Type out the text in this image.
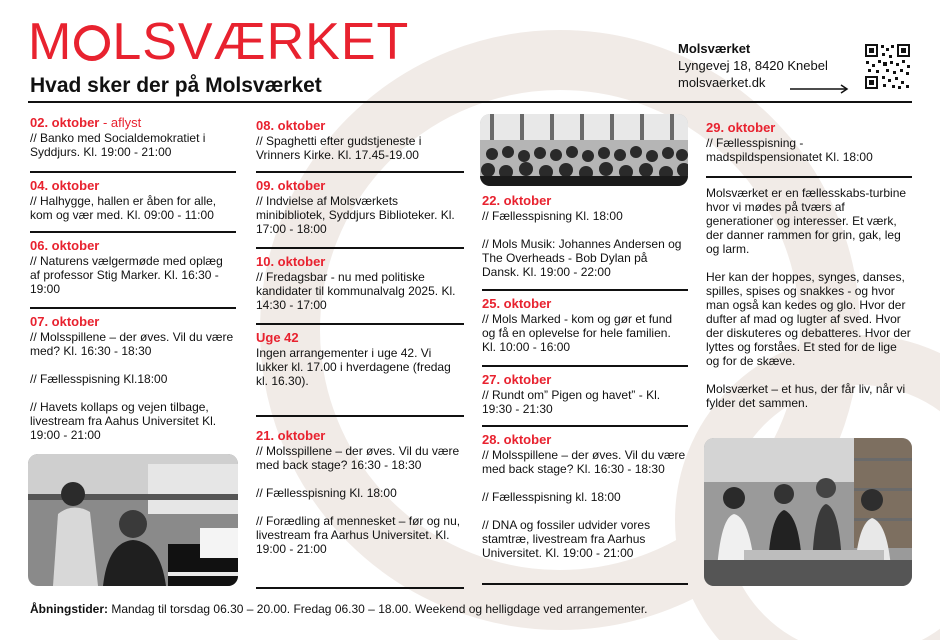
M LSVÆRKET
Hvad sker der på Molsværket
Molsværket
Lyngevej 18, 8420 Knebel
molsvaerket.dk
02. oktober - aflyst

// Banko med Socialdemokratiet i Syddjurs. Kl. 19:00 - 21:00

04. oktober

// Halhygge, hallen er åben for alle, kom og vær med. Kl. 09:00 - 11:00

06. oktober

// Naturens vælgermøde med oplæg af professor Stig Marker. Kl. 16:30 - 19:00

07. oktober

// Molsspillene – der øves. Vil du være med? Kl. 16:30 - 18:30

// Fællesspisning Kl.18:00

// Havets kollaps og vejen tilbage, livestream fra Aahus Universitet Kl. 19:00 - 21:00

08. oktober

// Spaghetti efter gudstjeneste i Vrinners Kirke. Kl. 17.45-19.00

09. oktober

// Indvielse af Molsværkets minibibliotek, Syddjurs Biblioteker. Kl. 17:00 - 18:00

10. oktober

// Fredagsbar - nu med politiske kandidater til kommunalvalg 2025. Kl. 14:30 - 17:00

Uge 42

Ingen arrangementer i uge 42. Vi lukker kl. 17.00 i hverdagene (fredag kl. 16.30).

21. oktober

// Molsspillene – der øves. Vil du være med back stage? 16:30 - 18:30

// Fællesspisning Kl. 18:00

// Forædling af mennesket – før og nu, livestream fra Aarhus Universitet. Kl. 19:00 - 21:00

22. oktober

// Fællesspisning Kl. 18:00

// Mols Musik: Johannes Andersen og The Overheads - Bob Dylan på Dansk. Kl. 19:00 - 22:00

25. oktober

// Mols Marked - kom og gør et fund og få en oplevelse for hele familien. Kl. 10:00 - 16:00

27. oktober

// Rundt om” Pigen og havet” - Kl. 19:30 - 21:30

28. oktober

// Molsspillene – der øves. Vil du være med back stage? Kl. 16:30 - 18:30

// Fællesspisning kl. 18:00

// DNA og fossiler udvider vores stamtræ, livestream fra Aarhus Universitet. Kl. 19:00 - 21:00

29. oktober

// Fællesspisning - madspildspensionatet Kl. 18:00

Molsværket er en fællesskabs-turbine hvor vi mødes på tværs af generationer og interesser. Et værk, der danner rammen for grin, gak, leg og larm.

Her kan der hoppes, synges, danses, spilles, spises og snakkes - og hvor man også kan kedes og glo. Hvor der dufter af mad og lugter af sved. Hvor der diskuteres og debatteres. Hvor der lyttes og forståes. Et sted for de lige og for de skæve.

Molsværket – et hus, der får liv, når vi fylder det sammen.

Åbningstider: Mandag til torsdag 06.30 – 20.00. Fredag 06.30 – 18.00. Weekend og helligdage ved arrangementer.
